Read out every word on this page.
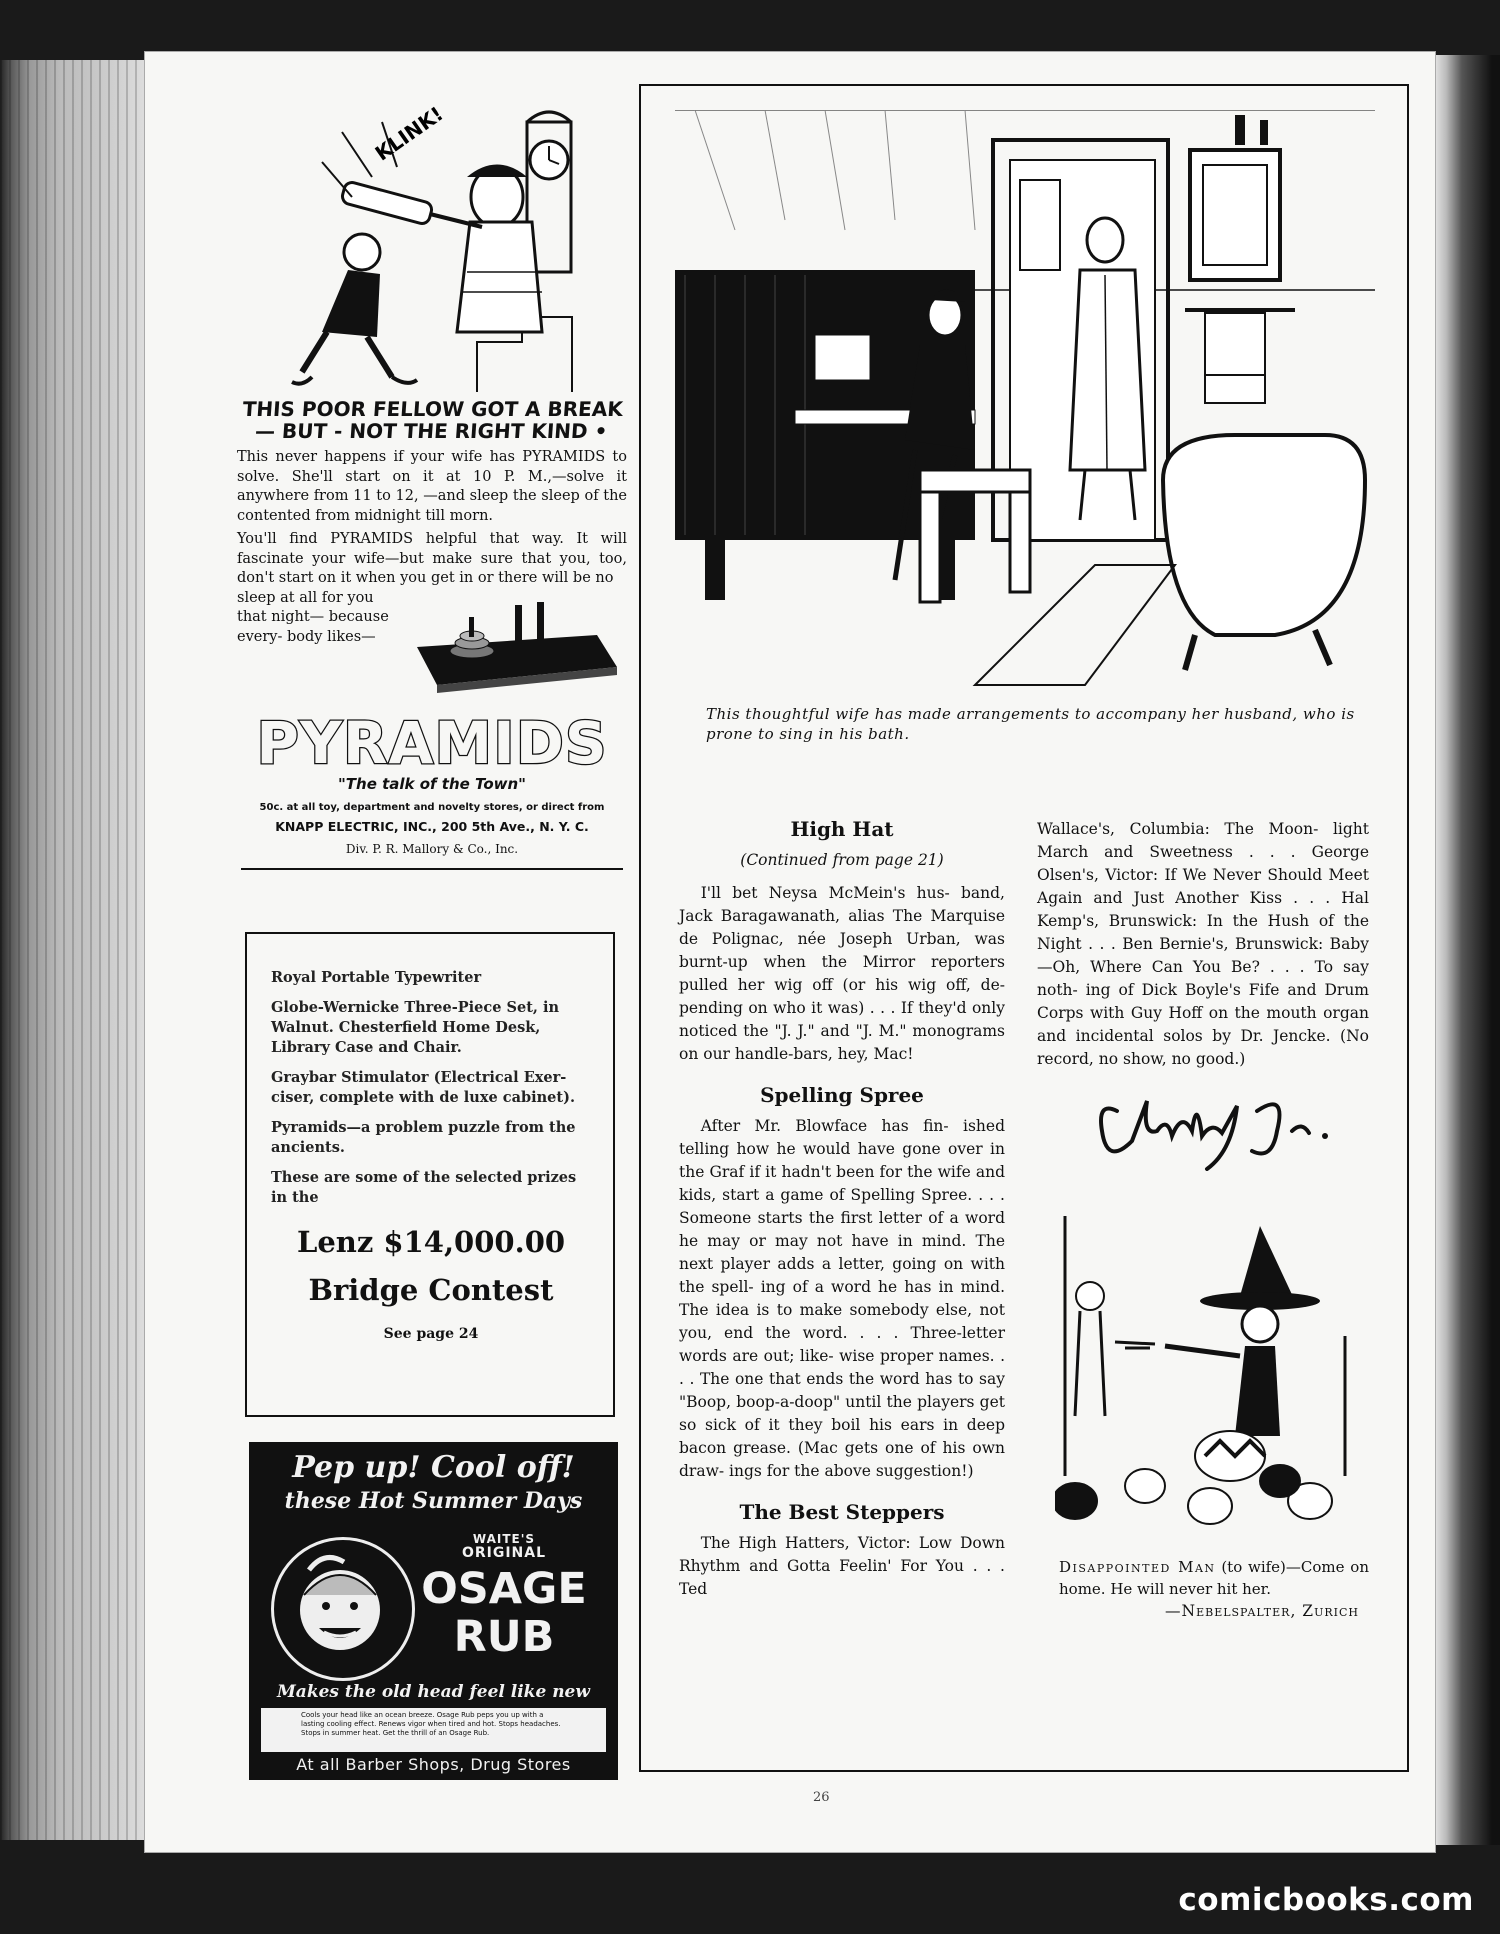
KLINK!

THIS POOR FELLOW GOT A BREAK — BUT - NOT THE RIGHT KIND •

This never happens if your wife has PYRAMIDS to solve. She'll start on it at 10 P. M.,—solve it anywhere from 11 to 12, —and sleep the sleep of the contented from midnight till morn.

You'll find PYRAMIDS helpful that way. It will fascinate your wife—but make sure that you, too, don't start on it when you get in or there will be no

sleep at all for you that night— because every- body likes—

PYRAMIDS

"The talk of the Town"

50c. at all toy, department and novelty stores, or direct from

KNAPP ELECTRIC, INC., 200 5th Ave., N. Y. C.

Div. P. R. Mallory & Co., Inc.

Royal Portable Typewriter

Globe-Wernicke Three-Piece Set, in Walnut. Chesterfield Home Desk, Library Case and Chair.

Graybar Stimulator (Electrical Exer- ciser, complete with de luxe cabinet).

Pyramids—a problem puzzle from the ancients.

These are some of the selected prizes in the

Lenz $14,000.00
Bridge Contest
See page 24
Pep up! Cool off!
these Hot Summer Days
WAITE'S
ORIGINAL
OSAGE
RUB
Makes the old head feel like new
Cools your head like an ocean breeze. Osage Rub peps you up with a lasting cooling effect. Renews vigor when tired and hot. Stops headaches. Stops in summer heat. Get the thrill of an Osage Rub.
At all Barber Shops, Drug Stores
This thoughtful wife has made arrangements to accompany her husband, who is prone to sing in his bath.
High Hat
(Continued from page 21)

I'll bet Neysa McMein's hus- band, Jack Baragawanath, alias The Marquise de Polignac, née Joseph Urban, was burnt-up when the Mirror reporters pulled her wig off (or his wig off, de- pending on who it was) . . . If they'd only noticed the "J. J." and "J. M." monograms on our handle-bars, hey, Mac!

Spelling Spree

After Mr. Blowface has fin- ished telling how he would have gone over in the Graf if it hadn't been for the wife and kids, start a game of Spelling Spree. . . . Someone starts the first letter of a word he may or may not have in mind. The next player adds a letter, going on with the spell- ing of a word he has in mind. The idea is to make somebody else, not you, end the word. . . . Three-letter words are out; like- wise proper names. . . . The one that ends the word has to say "Boop, boop-a-doop" until the players get so sick of it they boil his ears in deep bacon grease. (Mac gets one of his own draw- ings for the above suggestion!)

The Best Steppers

The High Hatters, Victor: Low Down Rhythm and Gotta Feelin' For You . . . Ted

Wallace's, Columbia: The Moon- light March and Sweetness . . . George Olsen's, Victor: If We Never Should Meet Again and Just Another Kiss . . . Hal Kemp's, Brunswick: In the Hush of the Night . . . Ben Bernie's, Brunswick: Baby—Oh, Where Can You Be? . . . To say noth- ing of Dick Boyle's Fife and Drum Corps with Guy Hoff on the mouth organ and incidental solos by Dr. Jencke. (No record, no show, no good.)

Disappointed Man (to wife)—Come on home. He will never hit her.

—Nebelspalter, Zurich
26
comicbooks.com
